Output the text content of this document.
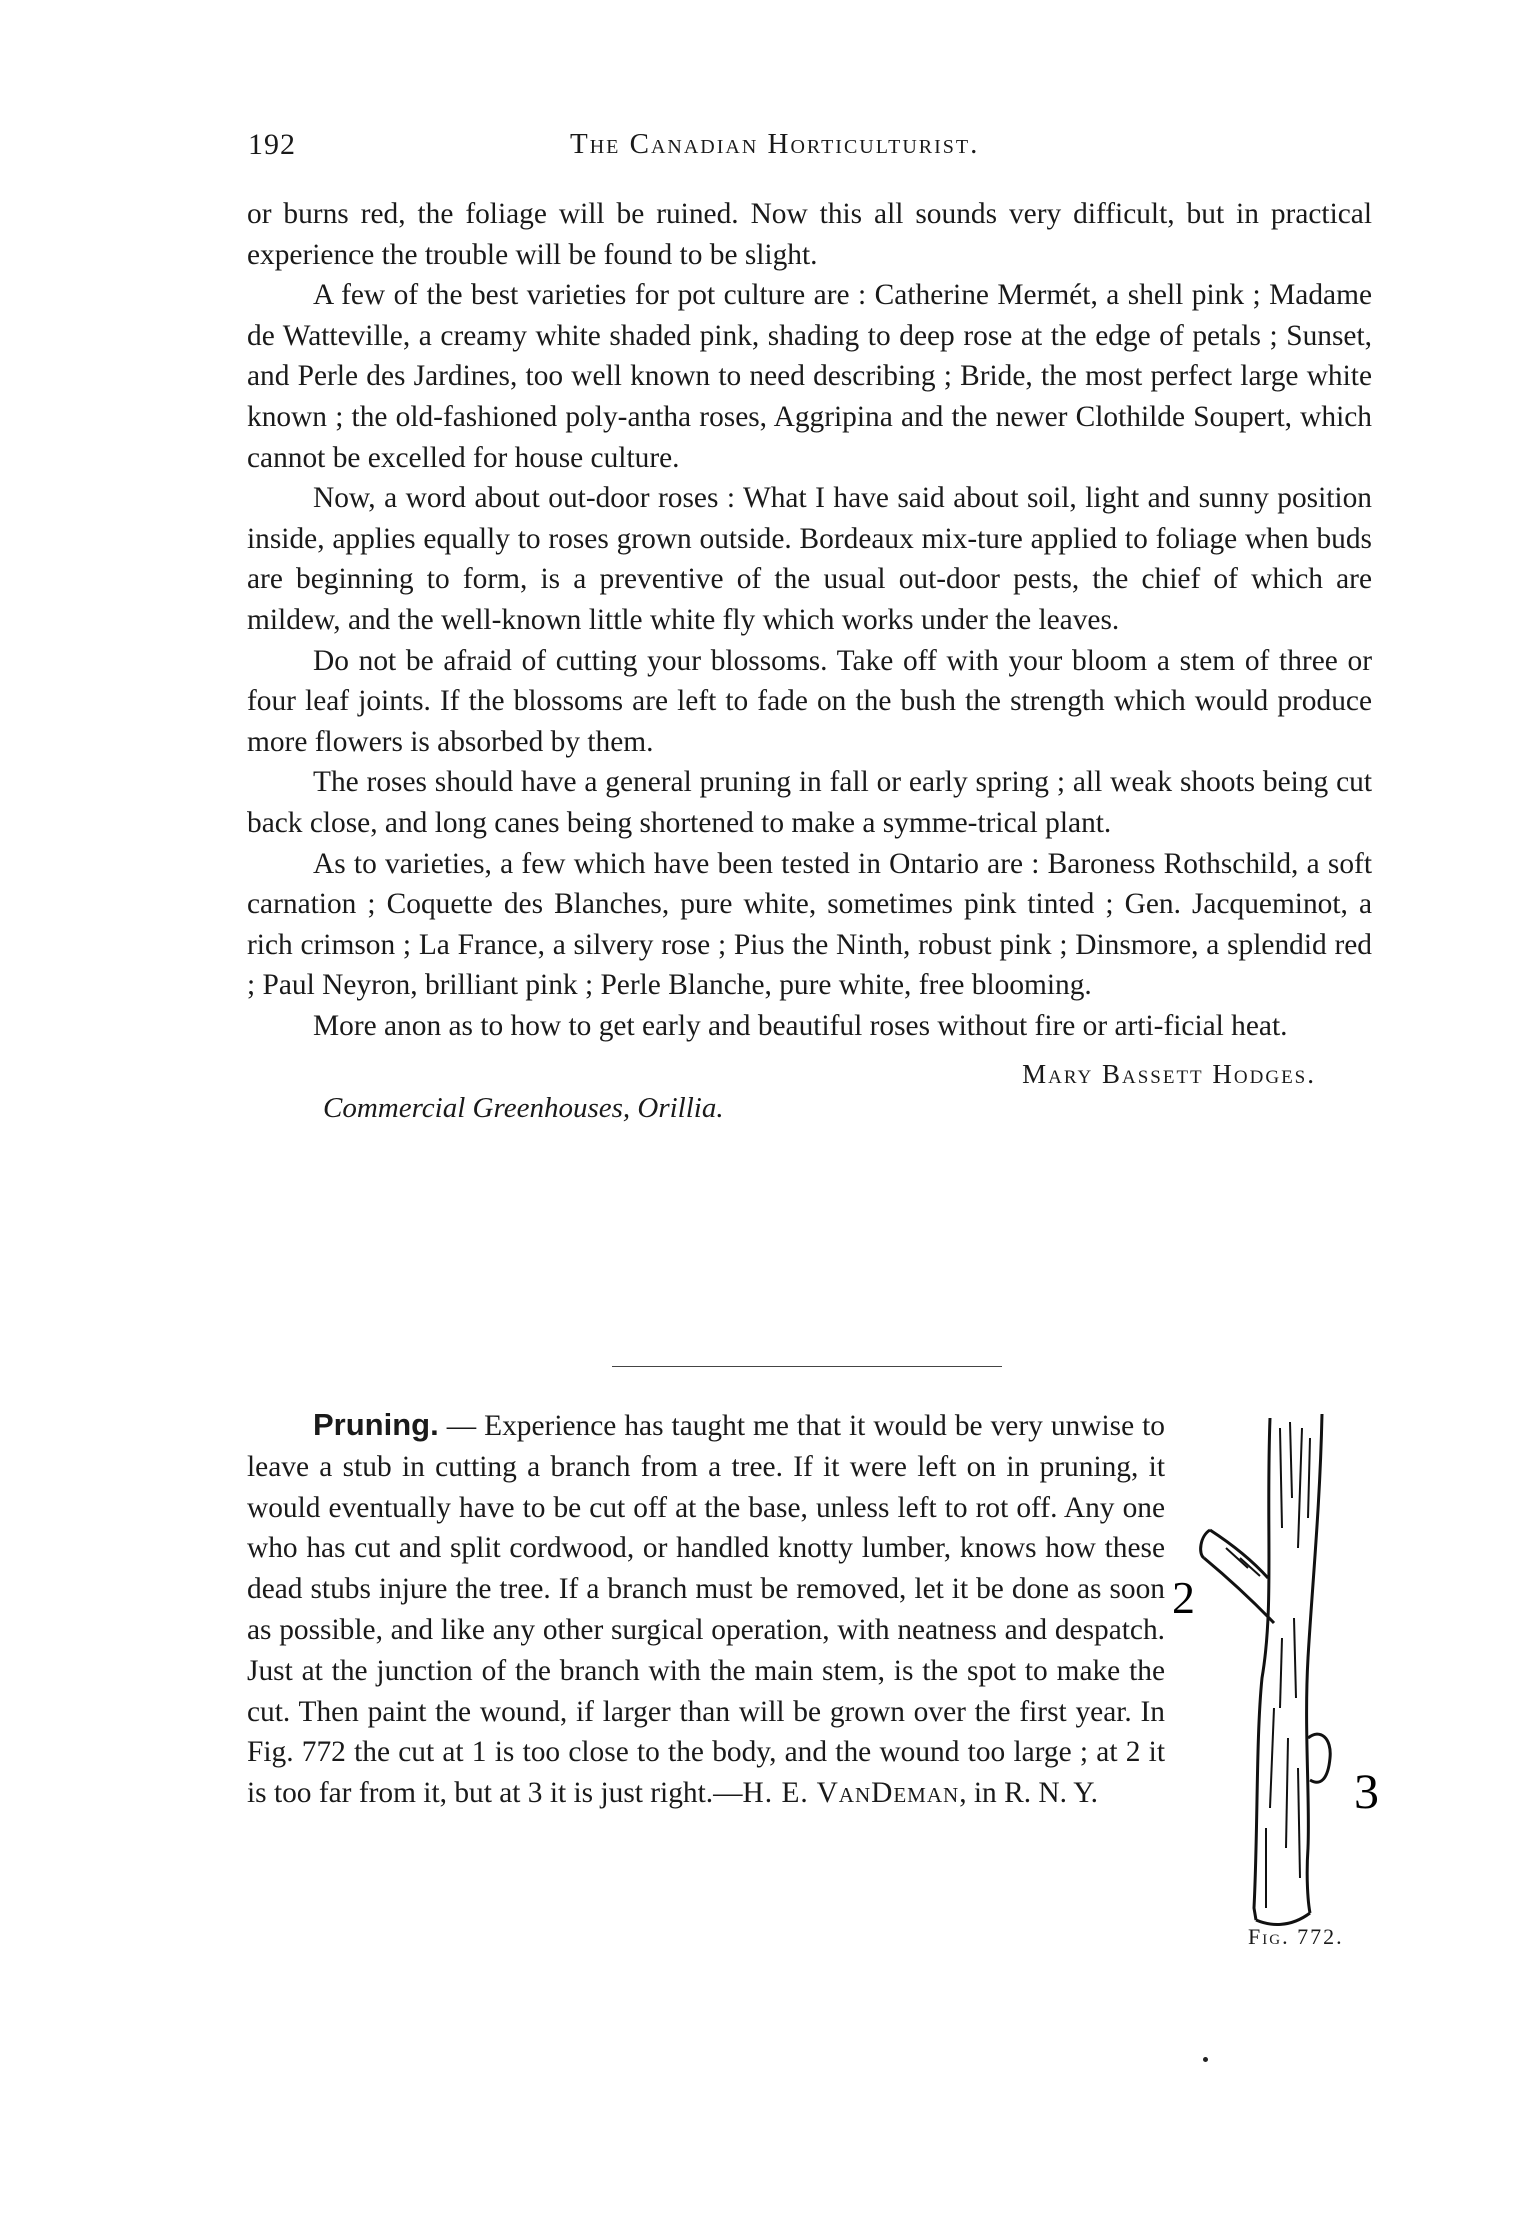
192	The Canadian Horticulturist.

or burns red, the foliage will be ruined. Now this all sounds very difficult, but in practical experience the trouble will be found to be slight.

A few of the best varieties for pot culture are : Catherine Mermét, a shell pink ; Madame de Watteville, a creamy white shaded pink, shading to deep rose at the edge of petals ; Sunset, and Perle des Jardines, too well known to need describing ; Bride, the most perfect large white known ; the old-fashioned poly-antha roses, Aggripina and the newer Clothilde Soupert, which cannot be excelled for house culture.

Now, a word about out-door roses : What I have said about soil, light and sunny position inside, applies equally to roses grown outside. Bordeaux mix-ture applied to foliage when buds are beginning to form, is a preventive of the usual out-door pests, the chief of which are mildew, and the well-known little white fly which works under the leaves.

Do not be afraid of cutting your blossoms. Take off with your bloom a stem of three or four leaf joints. If the blossoms are left to fade on the bush the strength which would produce more flowers is absorbed by them.

The roses should have a general pruning in fall or early spring ; all weak shoots being cut back close, and long canes being shortened to make a symme-trical plant.

As to varieties, a few which have been tested in Ontario are : Baroness Rothschild, a soft carnation ; Coquette des Blanches, pure white, sometimes pink tinted ; Gen. Jacqueminot, a rich crimson ; La France, a silvery rose ; Pius the Ninth, robust pink ; Dinsmore, a splendid red ; Paul Neyron, brilliant pink ; Perle Blanche, pure white, free blooming.

More anon as to how to get early and beautiful roses without fire or arti-ficial heat.

Mary Bassett Hodges.
Commercial Greenhouses, Orillia.
Pruning. — Experience has taught me that it would be very unwise to leave a stub in cutting a branch from a tree. If it were left on in pruning, it would eventually have to be cut off at the base, unless left to rot off. Any one who has cut and split cordwood, or handled knotty lumber, knows how these dead stubs injure the tree. If a branch must be removed, let it be done as soon as possible, and like any other surgical operation, with neatness and despatch. Just at the junction of the branch with the main stem, is the spot to make the cut. Then paint the wound, if larger than will be grown over the first year. In Fig. 772 the cut at 1 is too close to the body, and the wound too large ; at 2 it is too far from it, but at 3 it is just right.—H. E. VanDeman, in R. N. Y.
2
3
Fig. 772.
